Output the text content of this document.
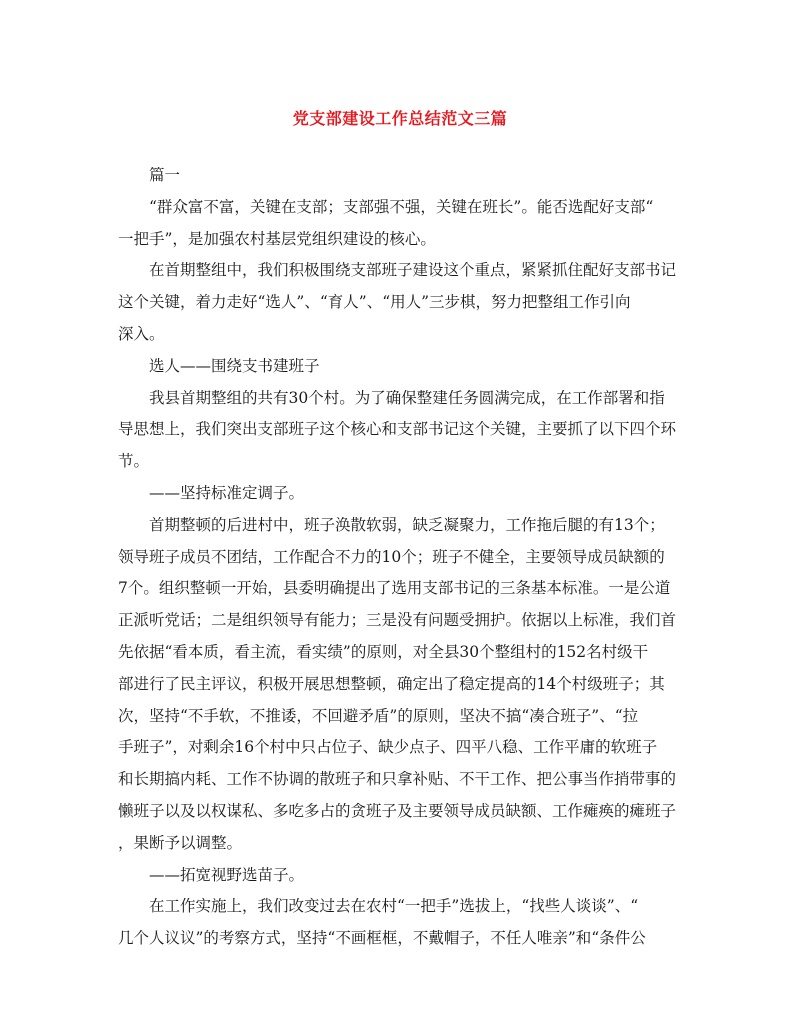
党支部建设工作总结范文三篇
篇一
“群众富不富，关键在支部；支部强不强，关键在班长”。能否选配好支部“
一把手”，是加强农村基层党组织建设的核心。
在首期整组中，我们积极围绕支部班子建设这个重点，紧紧抓住配好支部书记
这个关键，着力走好“选人”、“育人”、“用人”三步棋，努力把整组工作引向
深入。
选人——围绕支书建班子
我县首期整组的共有30个村。为了确保整建任务圆满完成，在工作部署和指
导思想上，我们突出支部班子这个核心和支部书记这个关键，主要抓了以下四个环
节。
——坚持标准定调子。
首期整顿的后进村中，班子涣散软弱，缺乏凝聚力，工作拖后腿的有13个；
领导班子成员不团结，工作配合不力的10个；班子不健全，主要领导成员缺额的
7个。组织整顿一开始，县委明确提出了选用支部书记的三条基本标准。一是公道
正派听党话；二是组织领导有能力；三是没有问题受拥护。依据以上标准，我们首
先依据“看本质，看主流，看实绩”的原则，对全县30个整组村的152名村级干
部进行了民主评议，积极开展思想整顿，确定出了稳定提高的14个村级班子；其
次，坚持“不手软，不推诿，不回避矛盾”的原则，坚决不搞“凑合班子”、“拉
手班子”，对剩余16个村中只占位子、缺少点子、四平八稳、工作平庸的软班子
和长期搞内耗、工作不协调的散班子和只拿补贴、不干工作、把公事当作捎带事的
懒班子以及以权谋私、多吃多占的贪班子及主要领导成员缺额、工作瘫痪的瘫班子
，果断予以调整。
——拓宽视野选苗子。
在工作实施上，我们改变过去在农村“一把手”选拔上，“找些人谈谈”、“
几个人议议”的考察方式，坚持“不画框框，不戴帽子，不任人唯亲”和“条件公
